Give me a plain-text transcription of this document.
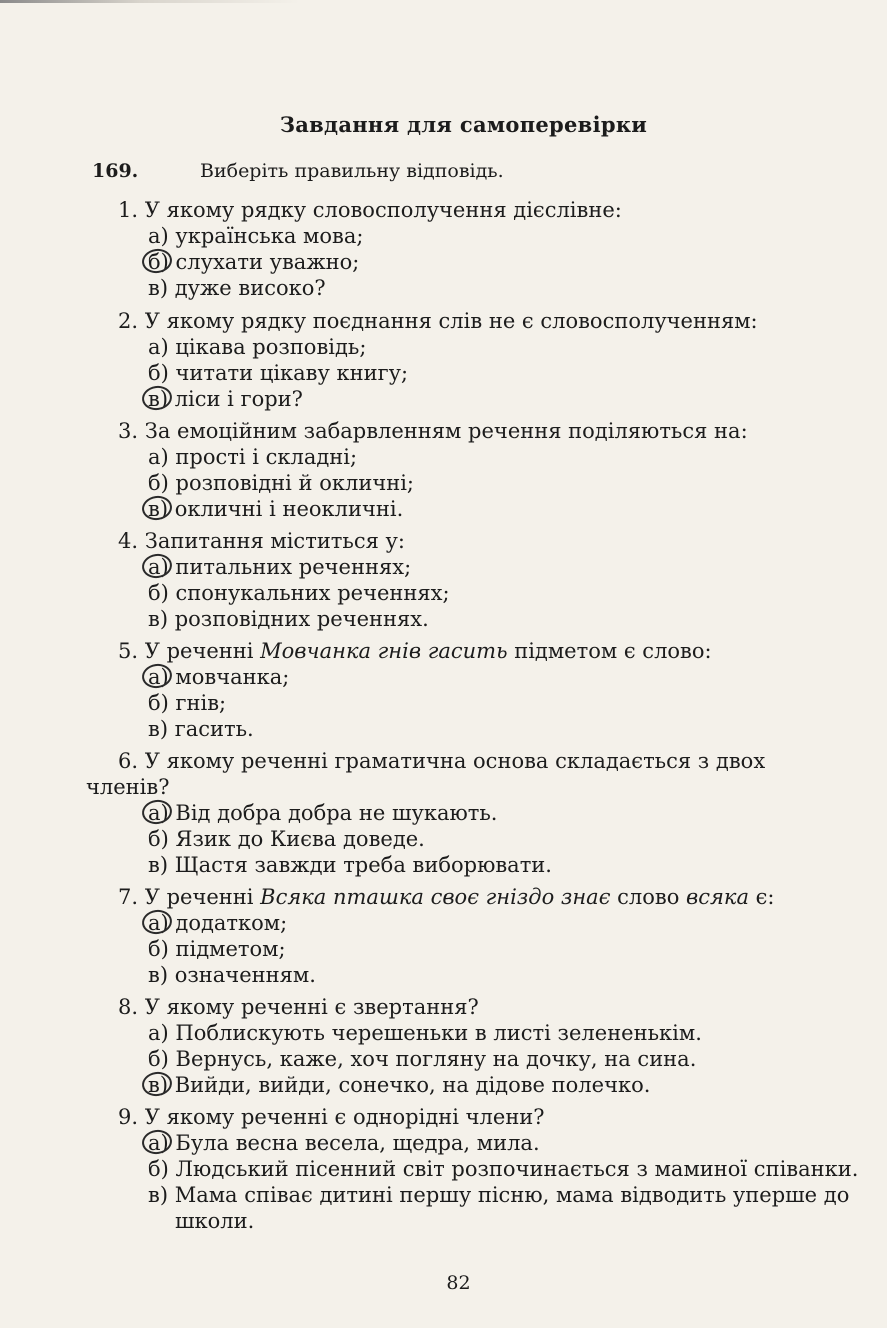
Завдання для самоперевірки
169.	Виберіть правильну відповідь.
1. У якому рядку словосполучення дієслівне:
а) українська мова;
б) слухати уважно;
в) дуже високо?
2. У якому рядку поєднання слів не є словосполученням:
а) цікава розповідь;
б) читати цікаву книгу;
в) ліси і гори?
3. За емоційним забарвленням речення поділяються на:
а) прості і складні;
б) розповідні й окличні;
в) окличні і неокличні.
4. Запитання міститься у:
а) питальних реченнях;
б) спонукальних реченнях;
в) розповідних реченнях.
5. У реченні Мовчанка гнів гасить підметом є слово:
а) мовчанка;
б) гнів;
в) гасить.
6. У якому реченні граматична основа складається з двох членів?
а) Від добра добра не шукають.
б) Язик до Києва доведе.
в) Щастя завжди треба виборювати.
7. У реченні Всяка пташка своє гніздо знає слово всяка є:
а) додатком;
б) підметом;
в) означенням.
8. У якому реченні є звертання?
а) Поблискують черешеньки в листі зелененькім.
б) Вернусь, каже, хоч погляну на дочку, на сина.
в) Вийди, вийди, сонечко, на дідове полечко.
9. У якому реченні є однорідні члени?
а) Була весна весела, щедра, мила.
б) Людський пісенний світ розпочинається з маминої співанки.
в) Мама співає дитині першу пісню, мама відводить уперше до школи.
82
